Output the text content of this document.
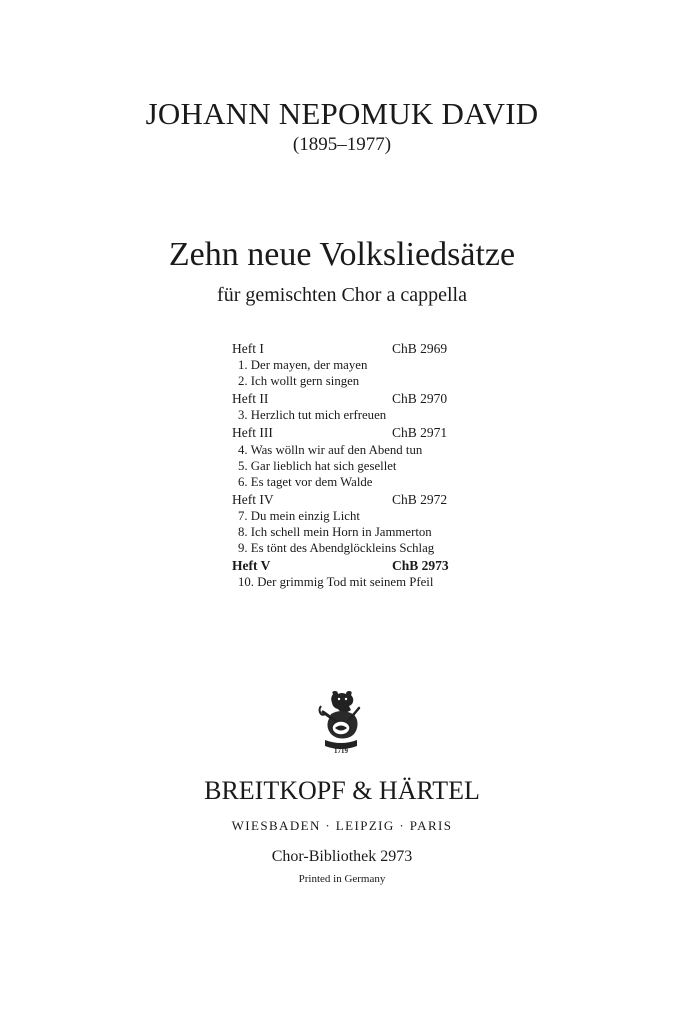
JOHANN NEPOMUK DAVID
(1895–1977)
Zehn neue Volksliedsätze
für gemischten Chor a cappella
Heft I	ChB 2969
1. Der mayen, der mayen
2. Ich wollt gern singen
Heft II	ChB 2970
3. Herzlich tut mich erfreuen
Heft III	ChB 2971
4. Was wölln wir auf den Abend tun
5. Gar lieblich hat sich gesellet
6. Es taget vor dem Walde
Heft IV	ChB 2972
7. Du mein einzig Licht
8. Ich schell mein Horn in Jammerton
9. Es tönt des Abendglöckleins Schlag
Heft V	ChB 2973
10. Der grimmig Tod mit seinem Pfeil
1719
BREITKOPF & HÄRTEL
WIESBADEN · LEIPZIG · PARIS
Chor-Bibliothek 2973
Printed in Germany
